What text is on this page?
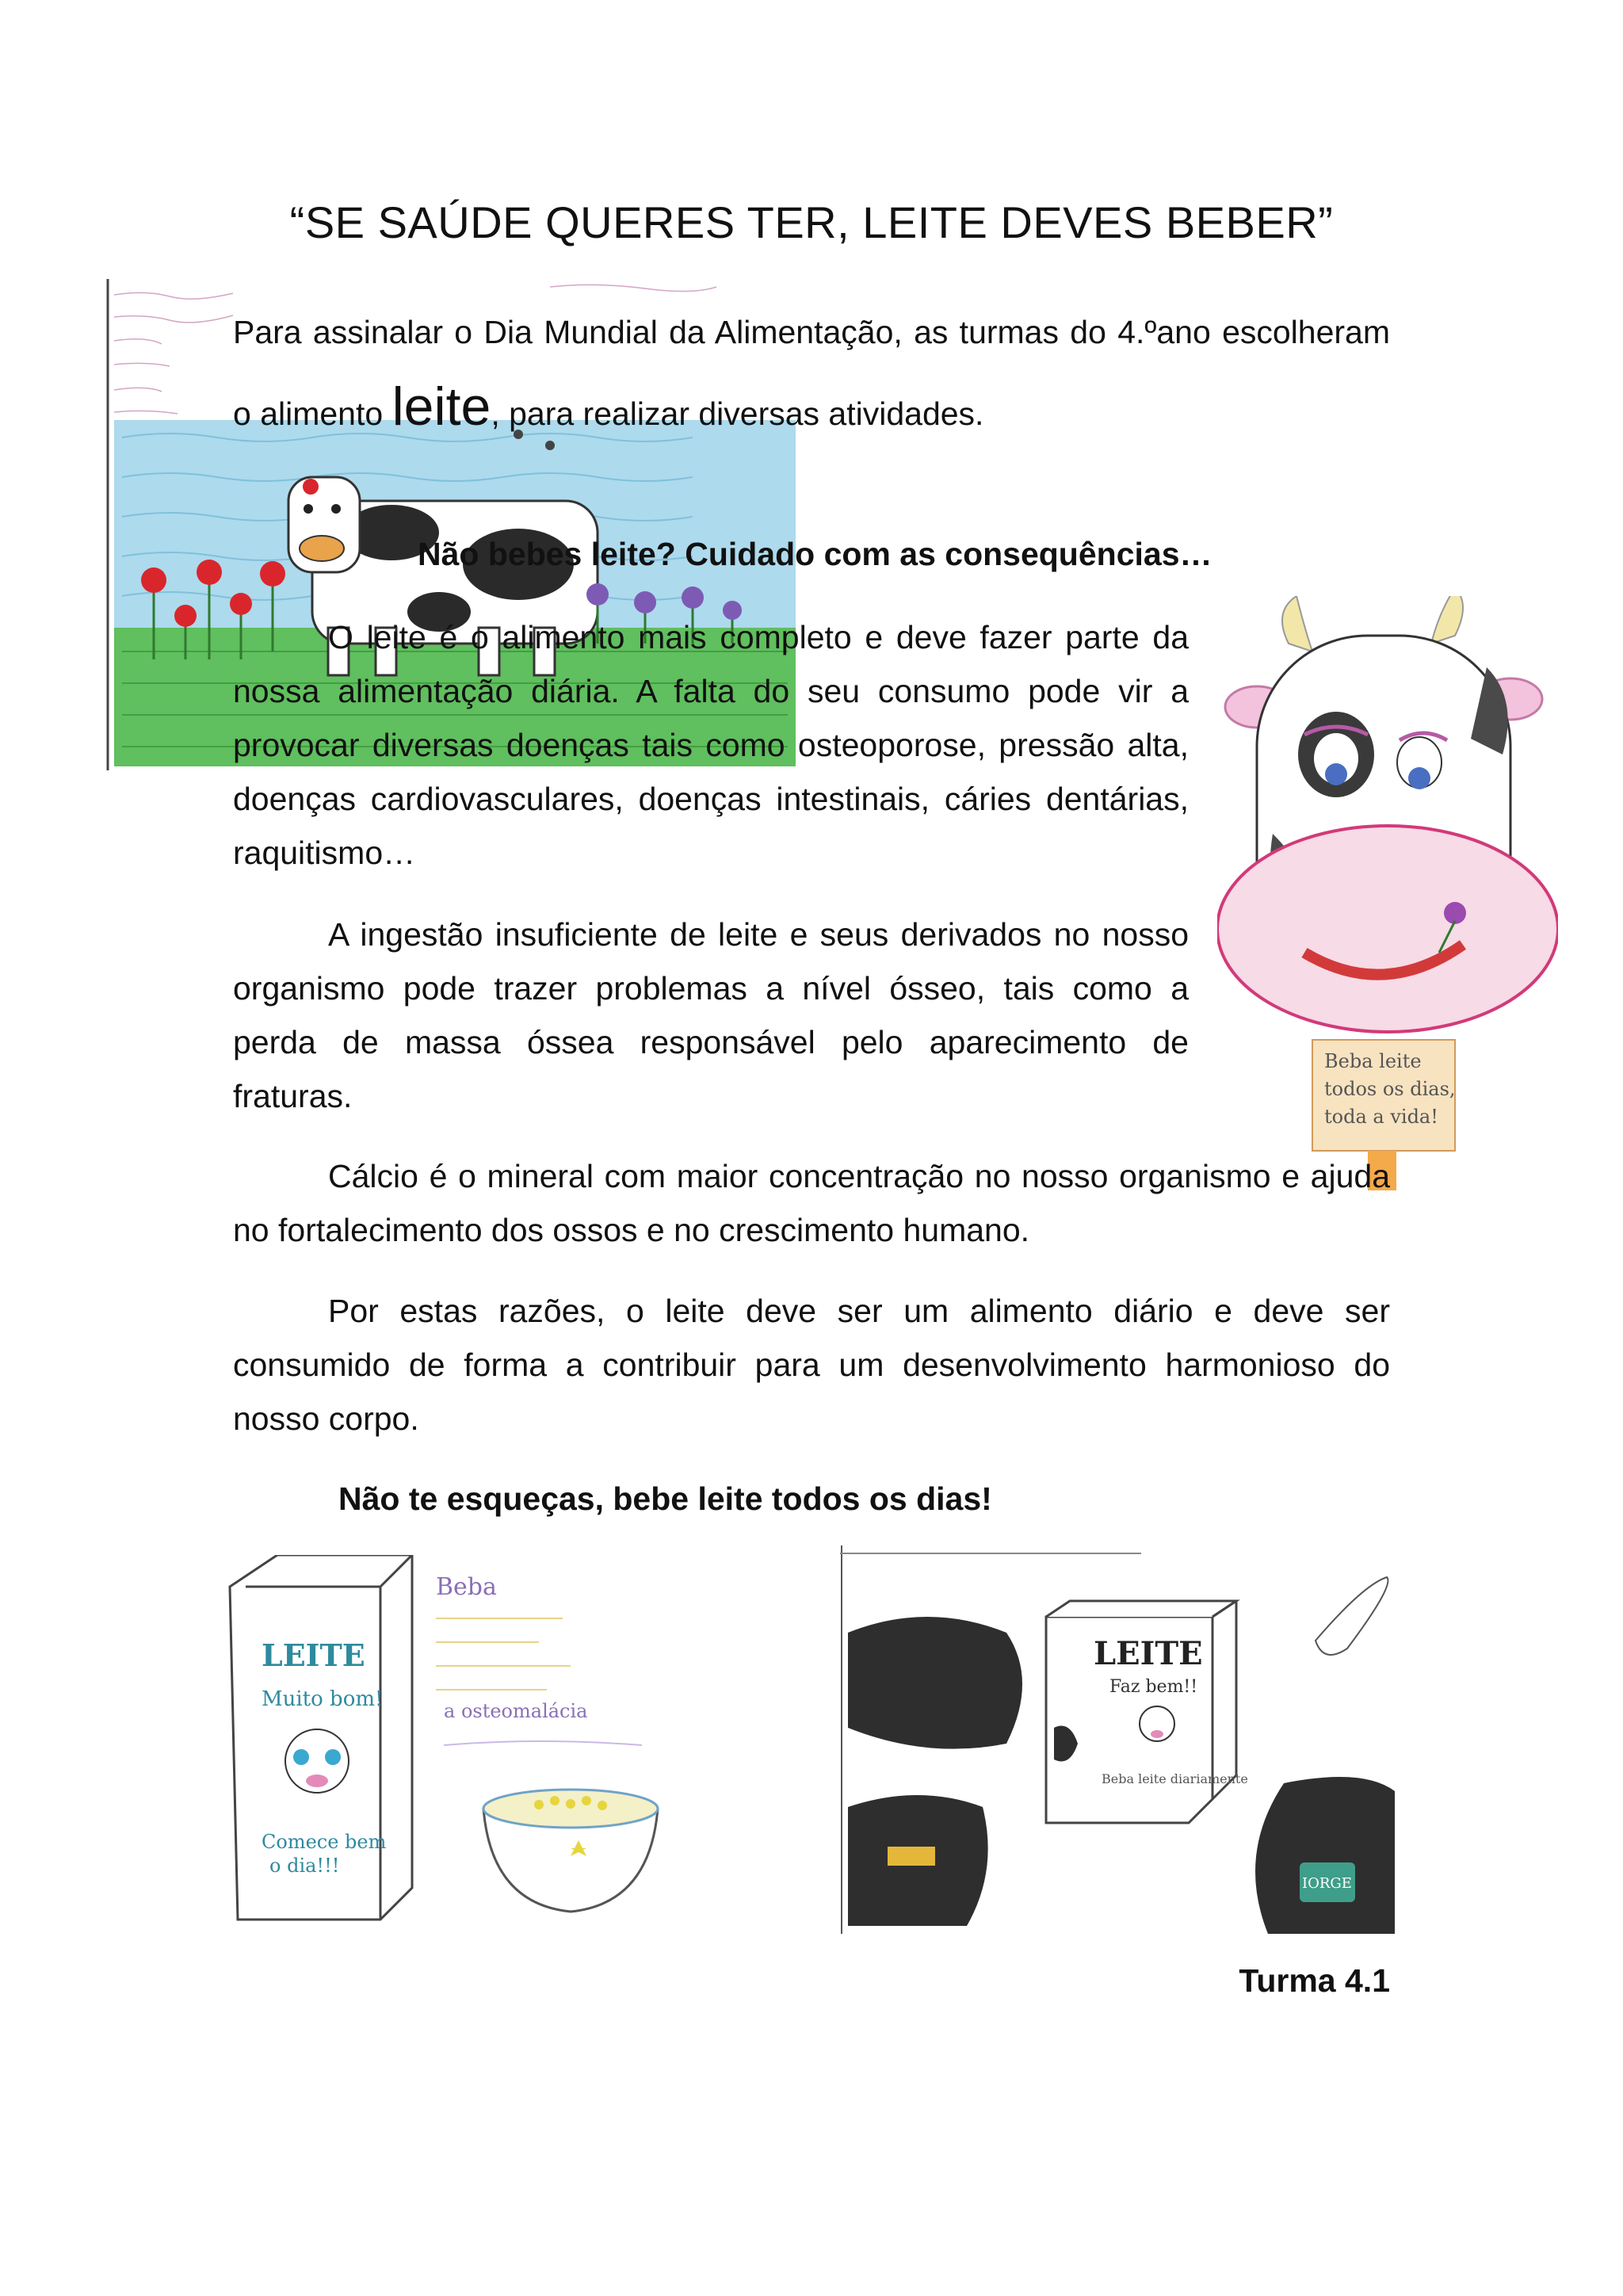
“SE SAÚDE QUERES TER, LEITE DEVES BEBER”
Beba leite
todos os dias,
toda a vida!
LEITE
Muito bom!
Comece bem
o dia!!!
Beba
a osteomalácia
IORGE
LEITE
Faz bem!!
Beba leite diariamente
Para assinalar o Dia Mundial da Alimentação, as turmas do 4.ºano escolheram o alimento leite, para realizar diversas atividades.
Não bebes leite? Cuidado com as consequências…

O leite é o alimento mais completo e deve fazer parte da nossa alimentação diária. A falta do seu consumo pode vir a provocar diversas doenças tais como osteoporose, pressão alta, doenças cardiovasculares, doenças intestinais, cáries dentárias, raquitismo…

A ingestão insuficiente de leite e seus derivados no nosso organismo pode trazer problemas a nível ósseo, tais como a perda de massa óssea responsável pelo aparecimento de fraturas.

Cálcio é o mineral com maior concentração no nosso organismo e ajuda no fortalecimento dos ossos e no crescimento humano.

Por estas razões, o leite deve ser um alimento diário e deve ser consumido de forma a contribuir para um desenvolvimento harmonioso do nosso corpo.

Não te esqueças, bebe leite todos os dias!
Turma 4.1
